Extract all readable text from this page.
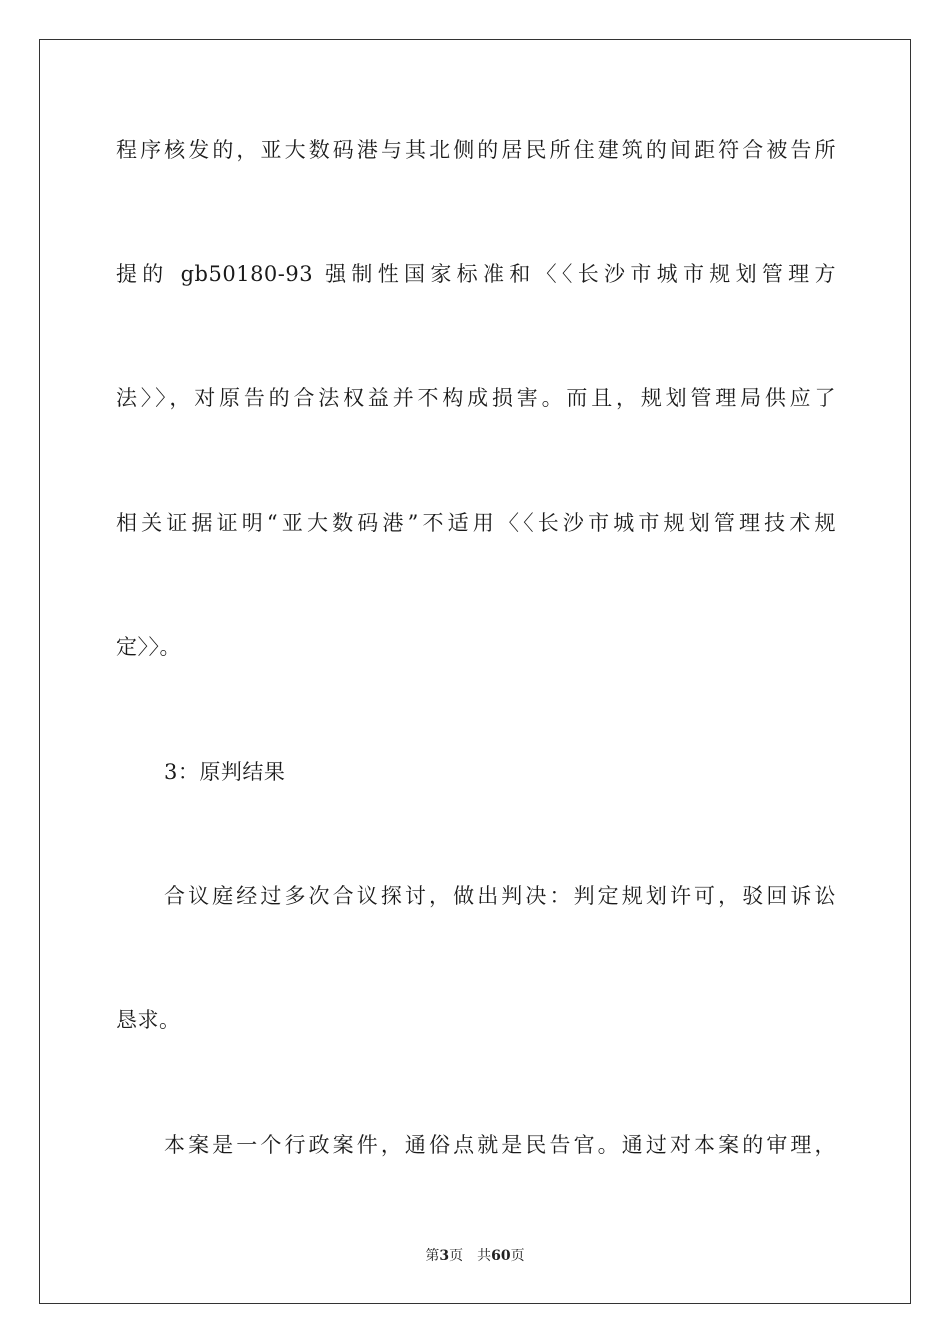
程序核发的，亚大数码港与其北侧的居民所住建筑的间距符合被告所
提的 gb50180-93 强制性国家标准和〈〈长沙市城市规划管理方
法〉〉，对原告的合法权益并不构成损害。而且，规划管理局供应了
相关证据证明“亚大数码港”不适用〈〈长沙市城市规划管理技术规
定〉〉。
3：原判结果
合议庭经过多次合议探讨，做出判决：判定规划许可，驳回诉讼
恳求。
本案是一个行政案件，通俗点就是民告官。通过对本案的审理，
第3页 共60页
